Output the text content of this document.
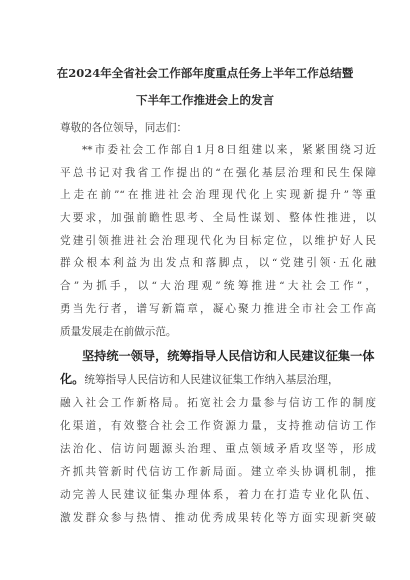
在2024年全省社会工作部年度重点任务上半年工作总结暨
下半年工作推进会上的发言
尊敬的各位领导，同志们：
**市委社会工作部自1月8日组建以来，紧紧围绕习近
平总书记对我省工作提出的“在强化基层治理和民生保障
上走在前”“在推进社会治理现代化上实现新提升”等重
大要求，加强前瞻性思考、全局性谋划、整体性推进，以
党建引领推进社会治理现代化为目标定位，以维护好人民
群众根本利益为出发点和落脚点，以“党建引领·五化融
合”为抓手，以“大治理观”统筹推进“大社会工作”，
勇当先行者，谱写新篇章，凝心聚力推进全市社会工作高
质量发展走在前做示范。
坚持统一领导，统筹指导人民信访和人民建议征集一体
化。统筹指导人民信访和人民建议征集工作纳入基层治理，
融入社会工作新格局。拓宽社会力量参与信访工作的制度
化渠道，有效整合社会工作资源力量，支持推动信访工作
法治化、信访问题源头治理、重点领域矛盾攻坚等，形成
齐抓共管新时代信访工作新局面。建立牵头协调机制，推
动完善人民建议征集办理体系，着力在打造专业化队伍、
激发群众参与热情、推动优秀成果转化等方面实现新突破
